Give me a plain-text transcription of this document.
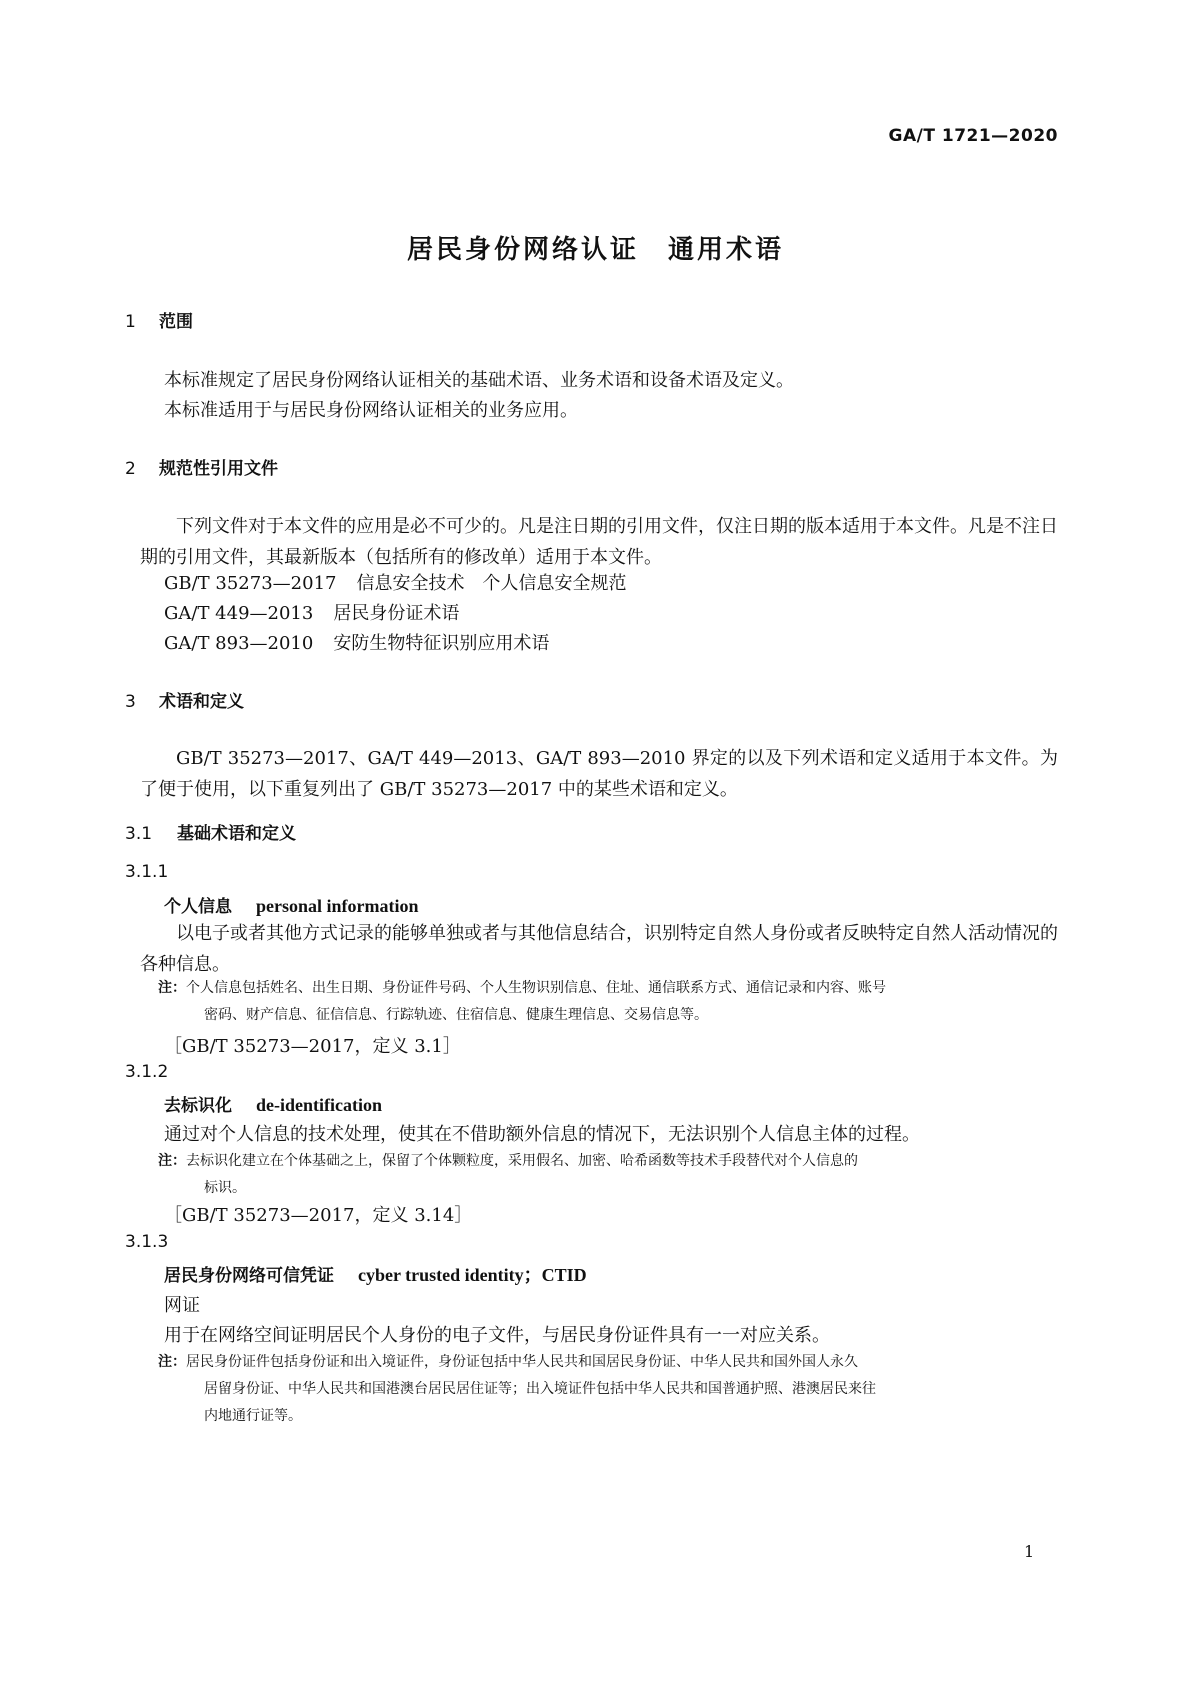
GA/T 1721—2020
居民身份网络认证　通用术语
1 范围
本标准规定了居民身份网络认证相关的基础术语、业务术语和设备术语及定义。
本标准适用于与居民身份网络认证相关的业务应用。
2 规范性引用文件
下列文件对于本文件的应用是必不可少的。凡是注日期的引用文件，仅注日期的版本适用于本文件。凡是不注日期的引用文件，其最新版本（包括所有的修改单）适用于本文件。
GB/T 35273—2017 信息安全技术　个人信息安全规范
GA/T 449—2013 居民身份证术语
GA/T 893—2010 安防生物特征识别应用术语
3 术语和定义
GB/T 35273—2017、GA/T 449—2013、GA/T 893—2010 界定的以及下列术语和定义适用于本文件。为了便于使用，以下重复列出了 GB/T 35273—2017 中的某些术语和定义。
3.1 基础术语和定义
3.1.1
个人信息 personal information
以电子或者其他方式记录的能够单独或者与其他信息结合，识别特定自然人身份或者反映特定自然人活动情况的各种信息。
注：个人信息包括姓名、出生日期、身份证件号码、个人生物识别信息、住址、通信联系方式、通信记录和内容、账号
密码、财产信息、征信信息、行踪轨迹、住宿信息、健康生理信息、交易信息等。
［GB/T 35273—2017，定义 3.1］
3.1.2
去标识化 de-identification
通过对个人信息的技术处理，使其在不借助额外信息的情况下，无法识别个人信息主体的过程。
注：去标识化建立在个体基础之上，保留了个体颗粒度，采用假名、加密、哈希函数等技术手段替代对个人信息的
标识。
［GB/T 35273—2017，定义 3.14］
3.1.3
居民身份网络可信凭证 cyber trusted identity；CTID
网证
用于在网络空间证明居民个人身份的电子文件，与居民身份证件具有一一对应关系。
注：居民身份证件包括身份证和出入境证件，身份证包括中华人民共和国居民身份证、中华人民共和国外国人永久
居留身份证、中华人民共和国港澳台居民居住证等；出入境证件包括中华人民共和国普通护照、港澳居民来往
内地通行证等。
1
